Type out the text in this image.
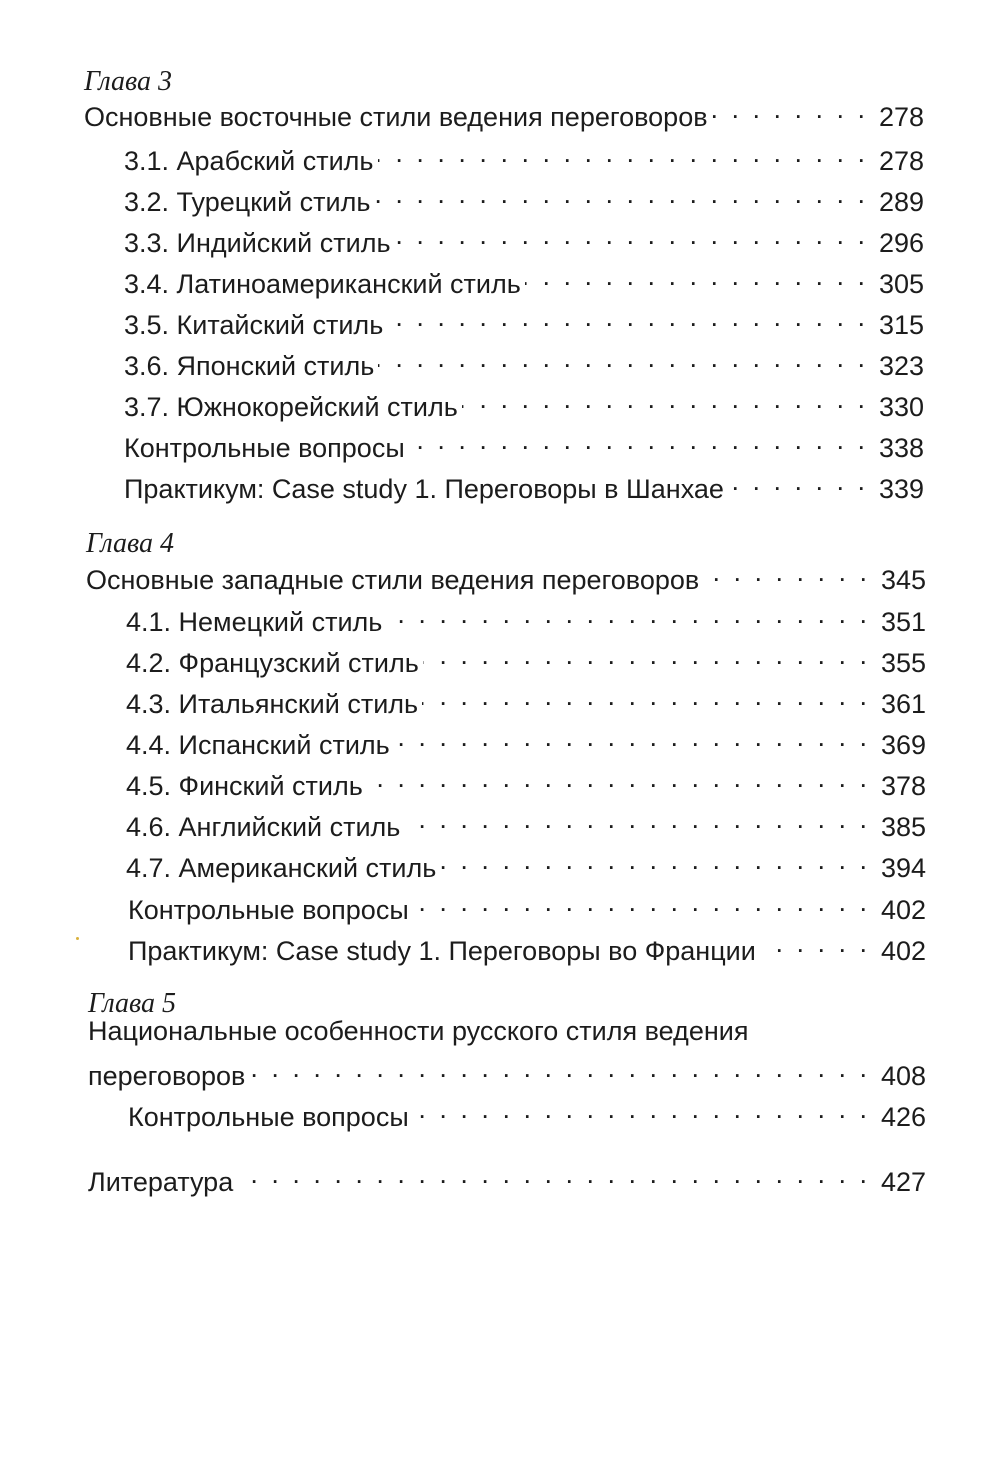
Глава 3
Основные восточные стили ведения переговоров . . .	278
3.1. Арабский стиль . . .	278
3.2. Турецкий стиль . . .	289
3.3. Индийский стиль . . .	296
3.4. Латиноамериканский стиль . . .	305
3.5. Китайский стиль . . .	315
3.6. Японский стиль . . .	323
3.7. Южнокорейский стиль . . .	330
Контрольные вопросы . . .	338
Практикум: Case study 1. Переговоры в Шанхае . . .	339
Глава 4
Основные западные стили ведения переговоров . . .	345
4.1. Немецкий стиль . . .	351
4.2. Французский стиль . . .	355
4.3. Итальянский стиль . . .	361
4.4. Испанский стиль . . .	369
4.5. Финский стиль . . .	378
4.6. Английский стиль . . .	385
4.7. Американский стиль . . .	394
Контрольные вопросы . . .	402
Практикум: Case study 1. Переговоры во Франции . . .	402
Глава 5
Национальные особенности русского стиля ведения
переговоров . . .	408
Контрольные вопросы . . .	426
Литература . . .	427
